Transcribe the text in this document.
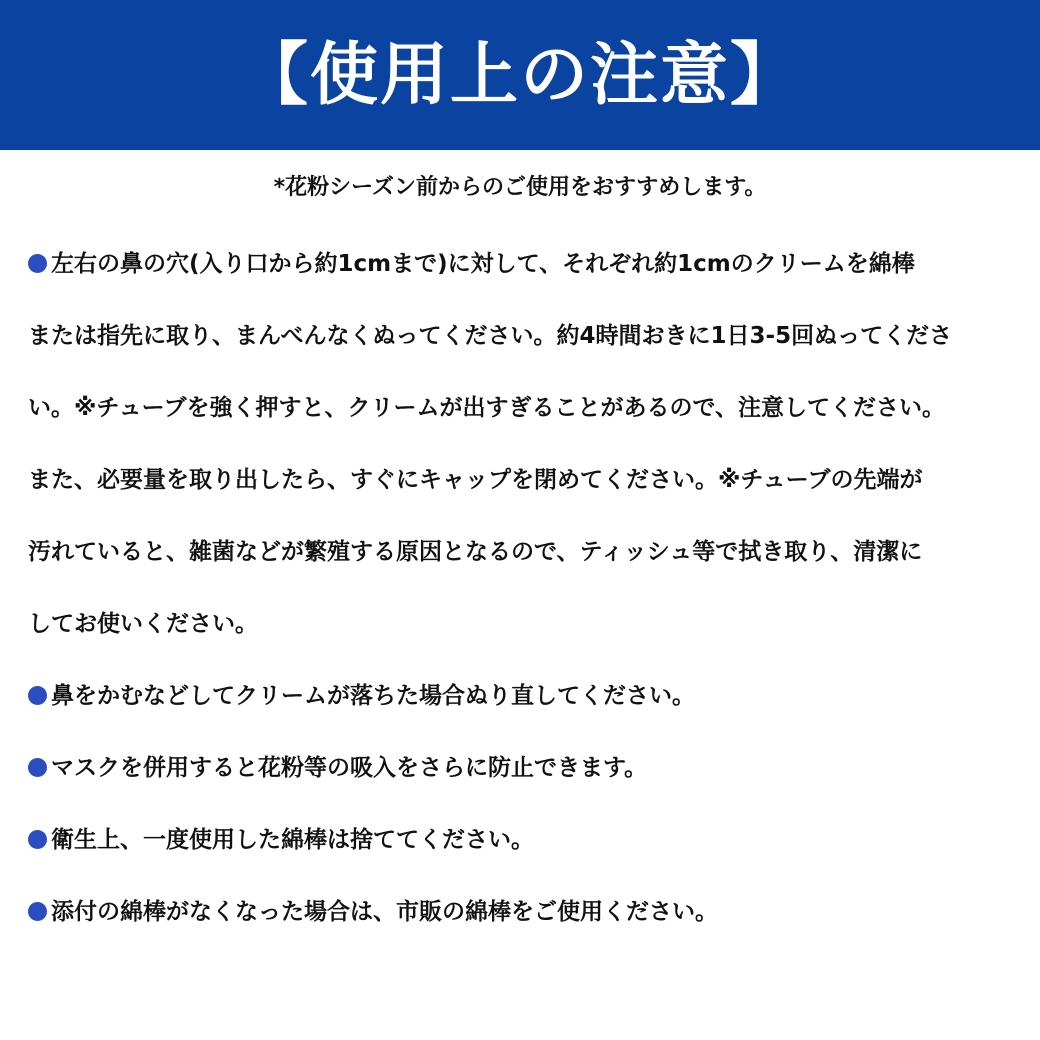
【使用上の注意】
*花粉シーズン前からのご使用をおすすめします。
左右の鼻の穴(入り口から約1cmまで)に対して、それぞれ約1cmのクリームを綿棒
または指先に取り、まんべんなくぬってください。約4時間おきに1日3-5回ぬってくださ
い。※チューブを強く押すと、クリームが出すぎることがあるので、注意してください。
また、必要量を取り出したら、すぐにキャップを閉めてください。※チューブの先端が
汚れていると、雑菌などが繁殖する原因となるので、ティッシュ等で拭き取り、清潔に
してお使いください。
鼻をかむなどしてクリームが落ちた場合ぬり直してください。
マスクを併用すると花粉等の吸入をさらに防止できます。
衛生上、一度使用した綿棒は捨ててください。
添付の綿棒がなくなった場合は、市販の綿棒をご使用ください。
